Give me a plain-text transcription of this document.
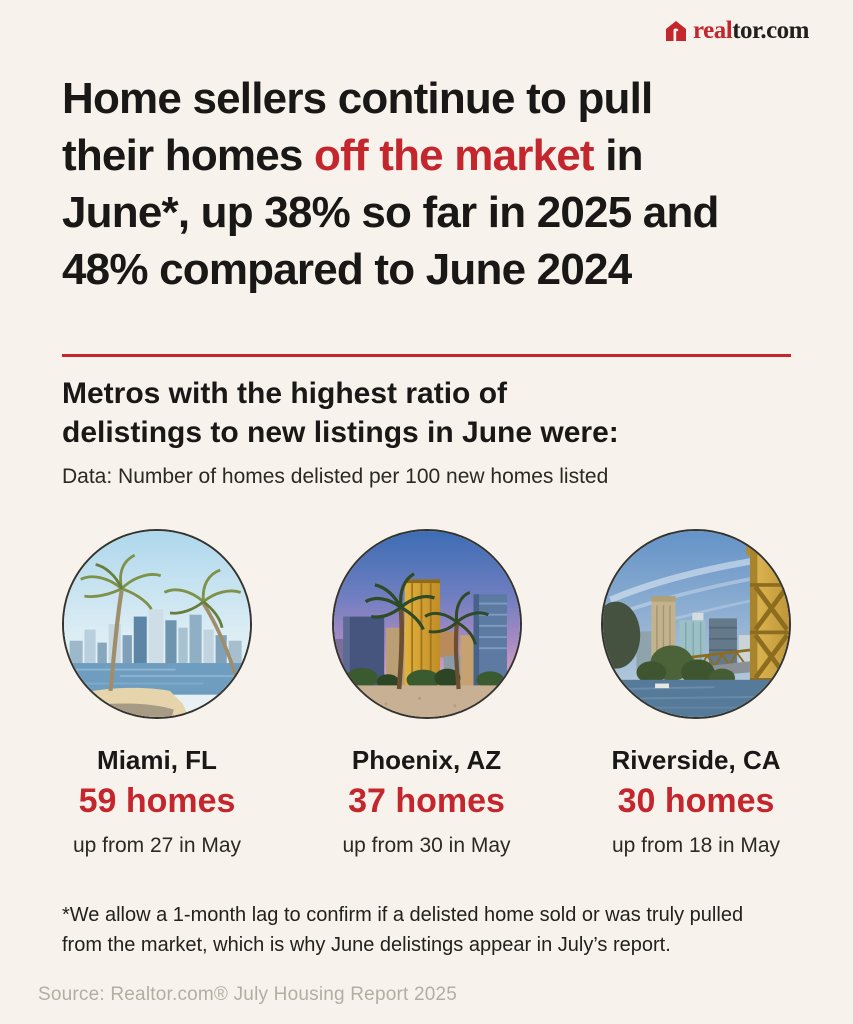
realtor.com
Home sellers continue to pull
their homes off the market in
June*, up 38% so far in 2025 and
48% compared to June 2024
Metros with the highest ratio of
delistings to new listings in June were:
Data: Number of homes delisted per 100 new homes listed
Miami, FL
59 homes
up from 27 in May
Phoenix, AZ
37 homes
up from 30 in May
Riverside, CA
30 homes
up from 18 in May
*We allow a 1-month lag to confirm if a delisted home sold or was truly pulled
from the market, which is why June delistings appear in July’s report.
Source: Realtor.com® July Housing Report 2025
